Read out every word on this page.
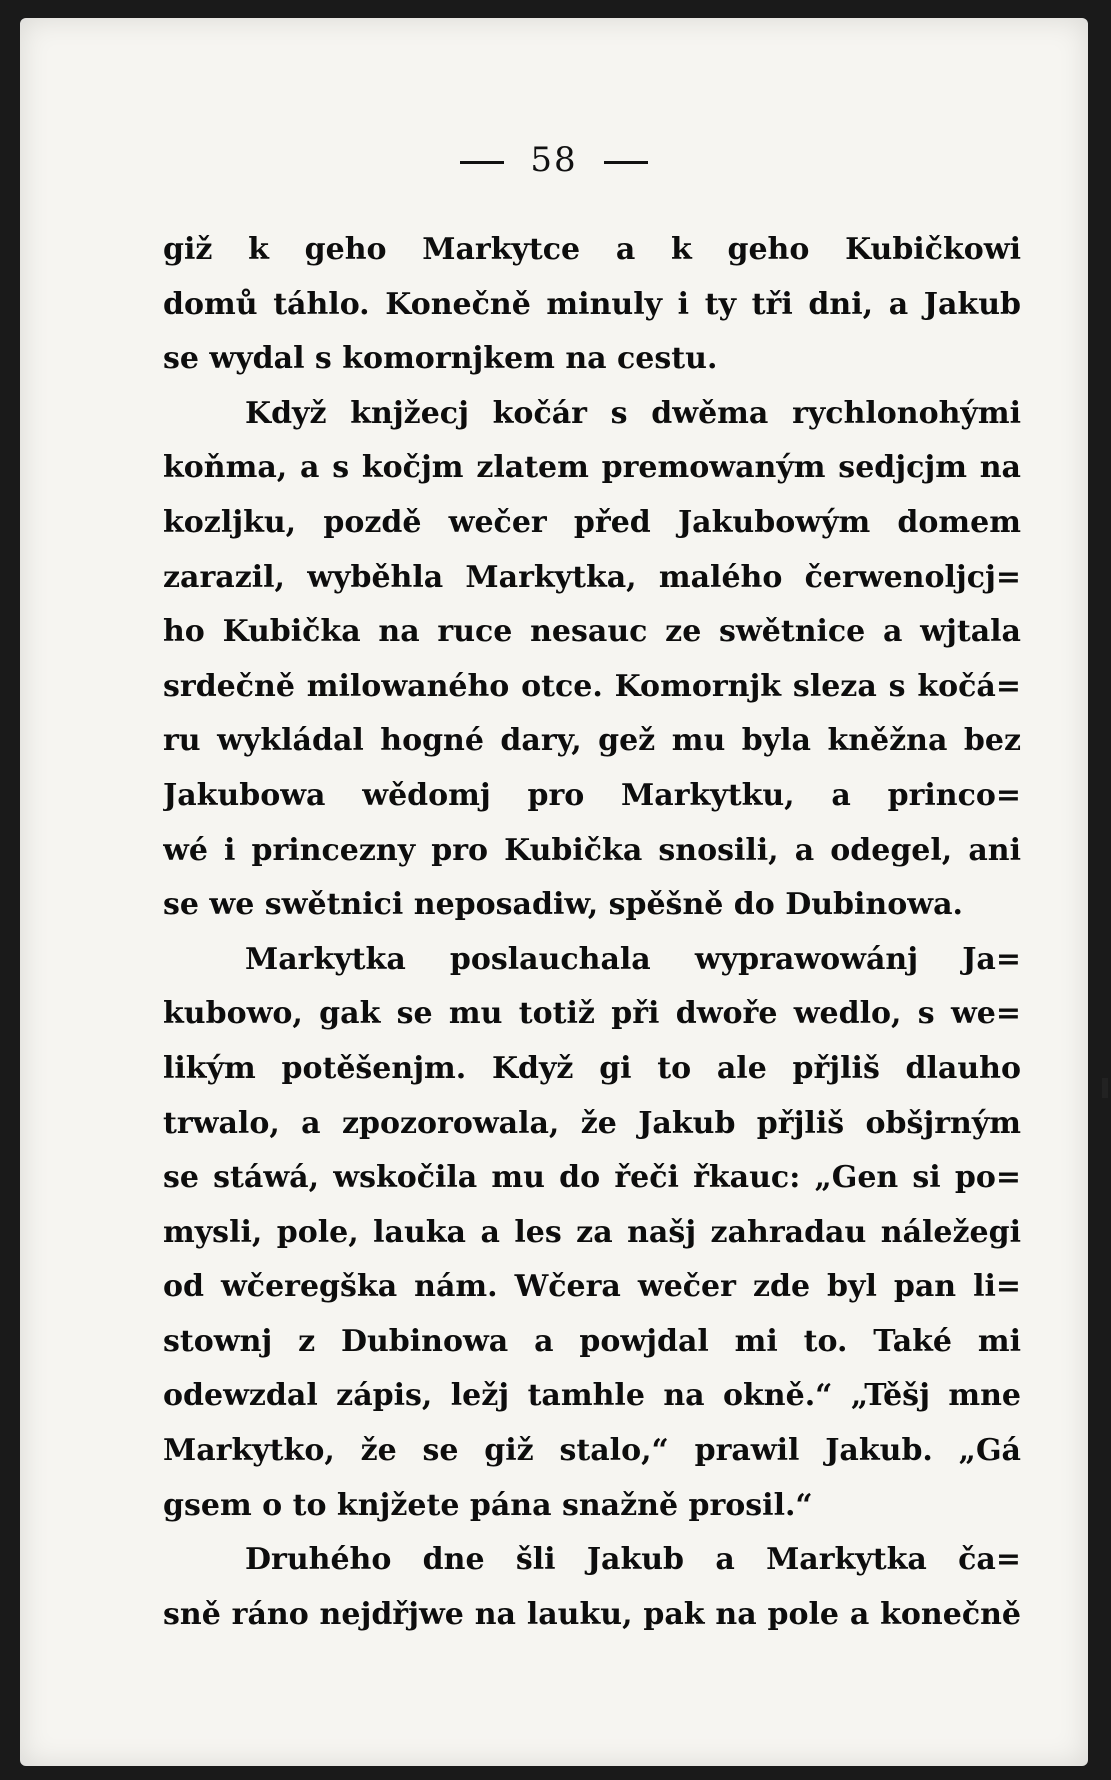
58
giž k geho Markytce a k geho Kubičkowi
domů táhlo. Konečně minuly i ty tři dni, a Jakub
se wydal s komornjkem na cestu.
Když knjžecj kočár s dwěma rychlonohými
koňma, a s kočjm zlatem premowaným sedjcjm na
kozljku, pozdě wečer před Jakubowým domem
zarazil, wyběhla Markytka, malého čerwenoljcj=
ho Kubička na ruce nesauc ze swětnice a wjtala
srdečně milowaného otce. Komornjk sleza s kočá=
ru wykládal hogné dary, gež mu byla kněžna bez
Jakubowa wědomj pro Markytku, a princo=
wé i princezny pro Kubička snosili, a odegel, ani
se we swětnici neposadiw, spěšně do Dubinowa.
Markytka poslauchala wyprawowánj Ja=
kubowo, gak se mu totiž při dwoře wedlo, s we=
likým potěšenjm. Když gi to ale přjliš dlauho
trwalo, a zpozorowala, že Jakub přjliš obšjrným
se stáwá, wskočila mu do řeči řkauc: „Gen si po=
mysli, pole, lauka a les za našj zahradau náležegi
od wčeregška nám. Wčera wečer zde byl pan li=
stownj z Dubinowa a powjdal mi to. Také mi
odewzdal zápis, ležj tamhle na okně.“ „Těšj mne
Markytko, že se giž stalo,“ prawil Jakub. „Gá
gsem o to knjžete pána snažně prosil.“
Druhého dne šli Jakub a Markytka ča=
sně ráno nejdřjwe na lauku, pak na pole a konečně
